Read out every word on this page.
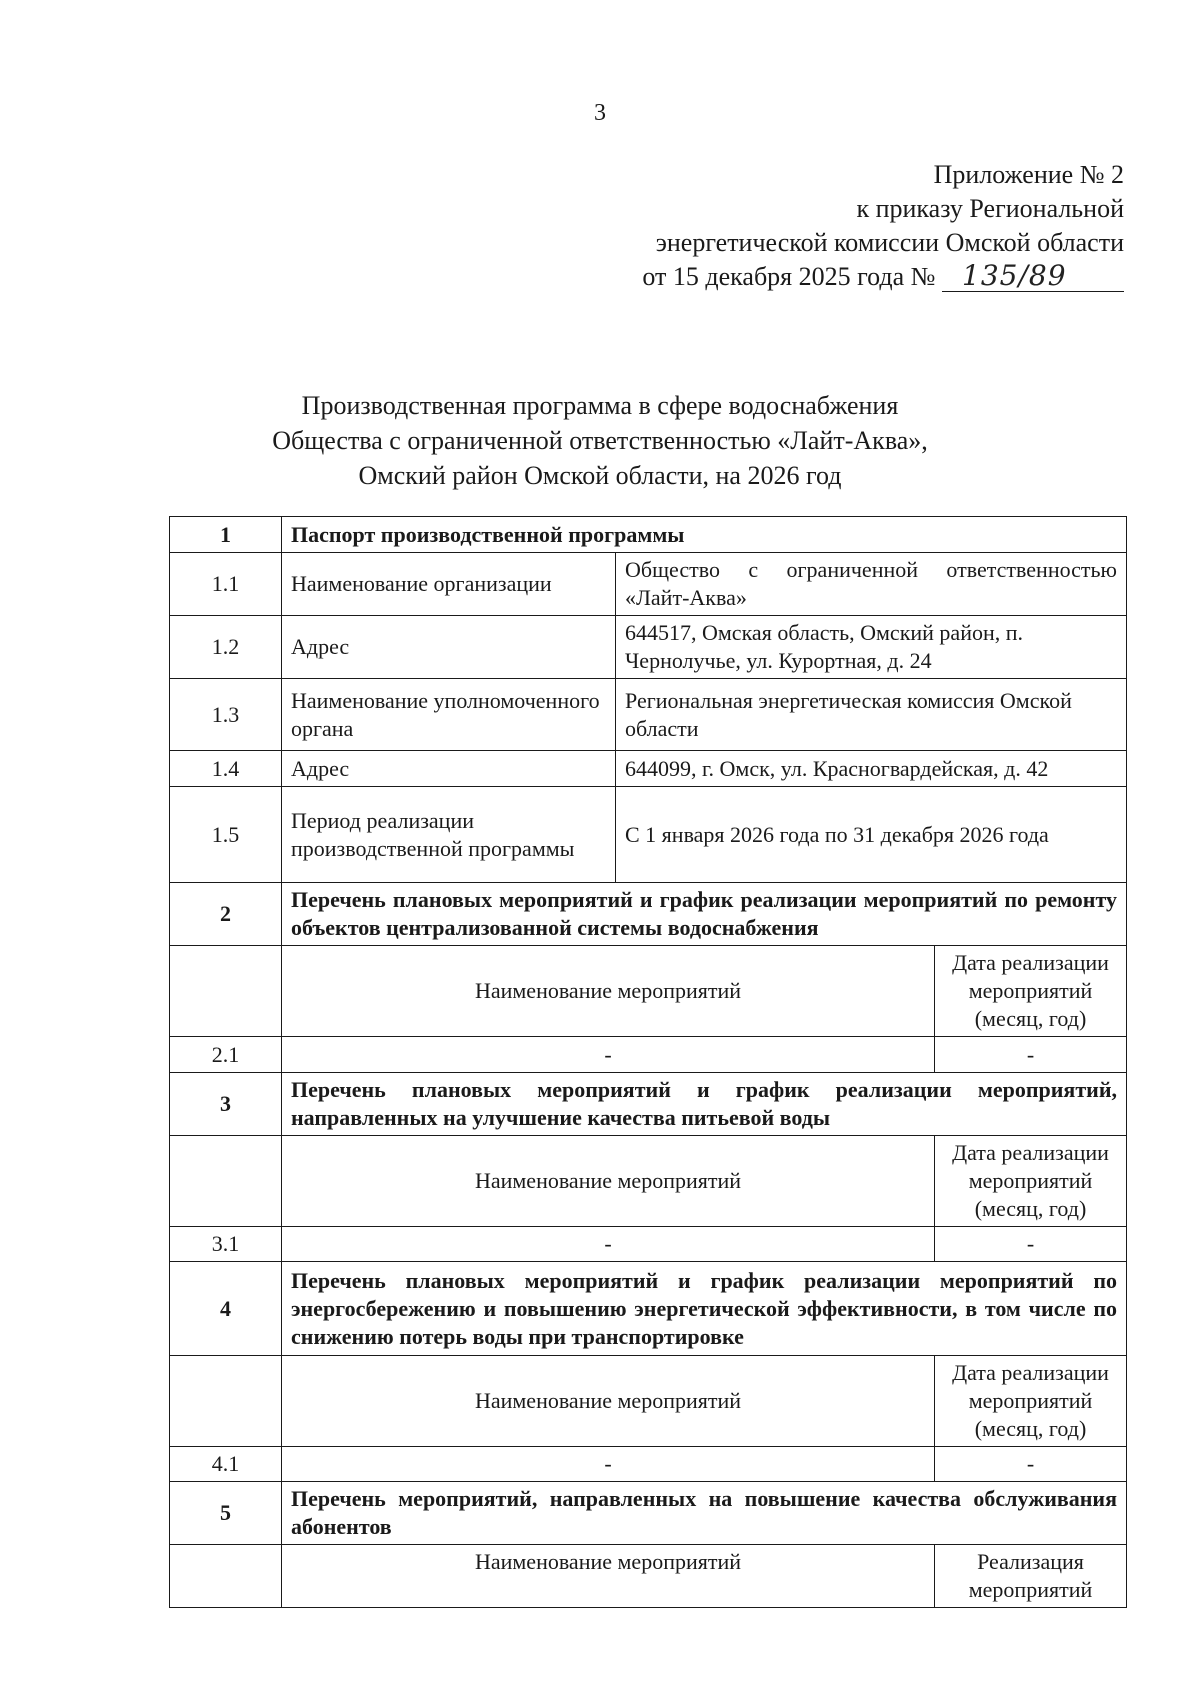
3
Приложение № 2
к приказу Региональной
энергетической комиссии Омской области
от 15 декабря 2025 года № 135/89
Производственная программа в сфере водоснабжения
Общества с ограниченной ответственностью «Лайт-Аква»,
Омский район Омской области, на 2026 год
1	Паспорт производственной программы		
1.1	Наименование организации	Общество с ограниченной ответственностью «Лайт-Аква»	
1.2	Адрес	644517, Омская область, Омский район, п. Чернолучье, ул. Курортная, д. 24	
1.3	Наименование уполномоченного органа	Региональная энергетическая комиссия Омской области	
1.4	Адрес	644099, г. Омск, ул. Красногвардейская, д. 42	
1.5	Период реализации производственной программы	С 1 января 2026 года по 31 декабря 2026 года	
2	Перечень плановых мероприятий и график реализации мероприятий по ремонту объектов централизованной системы водоснабжения		
	Наименование мероприятий		Дата реализации мероприятий (месяц, год)
2.1	-		-
3	Перечень плановых мероприятий и график реализации мероприятий, направленных на улучшение качества питьевой воды		
	Наименование мероприятий		Дата реализации мероприятий (месяц, год)
3.1	-		-
4	Перечень плановых мероприятий и график реализации мероприятий по энергосбережению и повышению энергетической эффективности, в том числе по снижению потерь воды при транспортировке		
	Наименование мероприятий		Дата реализации мероприятий (месяц, год)
4.1	-		-
5	Перечень мероприятий, направленных на повышение качества обслуживания абонентов		
	Наименование мероприятий		Реализация мероприятий
